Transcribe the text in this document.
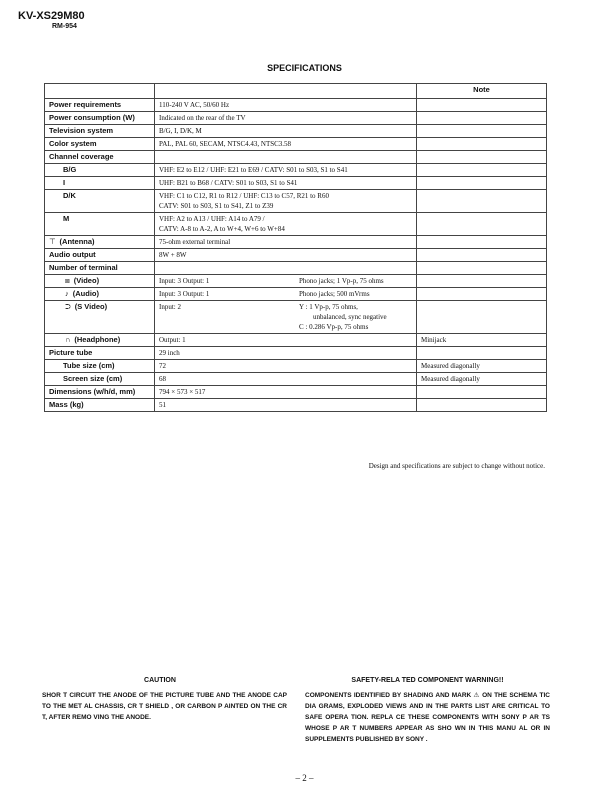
KV-XS29M80
RM-954
SPECIFICATIONS
		Note
Power requirements	110-240 V AC, 50/60 Hz	
Power consumption (W)	Indicated on the rear of the TV	
Television system	B/G, I, D/K, M	
Color system	PAL, PAL 60, SECAM, NTSC4.43, NTSC3.58	
Channel coverage		
B/G	VHF: E2 to E12 / UHF: E21 to E69 / CATV: S01 to S03, S1 to S41	
I	UHF: B21 to B68 / CATV: S01 to S03, S1 to S41	
D/K	VHF: C1 to C12, R1 to R12 / UHF: C13 to C57, R21 to R60
CATV: S01 to S03, S1 to S41, Z1 to Z39	

M	VHF: A2 to A13 / UHF: A14 to A79 /
CATV: A-8 to A-2, A to W+4, W+6 to W+84	

⊤ (Antenna)	75-ohm external terminal	
Audio output	8W + 8W	
Number of terminal		
⧈ (Video)	Input: 3 Output: 1 Phono jacks; 1 Vp-p, 75 ohms	

♪ (Audio)	Input: 3 Output: 1 Phono jacks; 500 mVrms	

⮊ (S Video)	Input: 2 Y : 1 Vp-p, 75 ohms,
unbalanced, sync negative
C : 0.286 Vp-p, 75 ohms	

∩ (Headphone)	Output: 1	Minijack
Picture tube	29 inch	
Tube size (cm)	72	Measured diagonally
Screen size (cm)	68	Measured diagonally
Dimensions (w/h/d, mm)	794 × 573 × 517	
Mass (kg)	51	
Design and specifications are subject to change without notice.
CAUTION
SHOR T CIRCUIT THE ANODE OF THE PICTURE TUBE AND THE ANODE CAP TO THE MET AL CHASSIS, CR T SHIELD , OR CARBON P AINTED ON THE CR T, AFTER REMO VING THE ANODE.
SAFETY-RELA TED COMPONENT WARNING!!
COMPONENTS IDENTIFIED BY SHADING AND MARK ⚠ ON THE SCHEMA TIC DIA GRAMS, EXPLODED VIEWS AND IN THE PARTS LIST ARE CRITICAL TO SAFE OPERA TION. REPLA CE THESE COMPONENTS WITH SONY P AR TS WHOSE P AR T NUMBERS APPEAR AS SHO WN IN THIS MANU AL OR IN SUPPLEMENTS PUBLISHED BY SONY .
– 2 –
